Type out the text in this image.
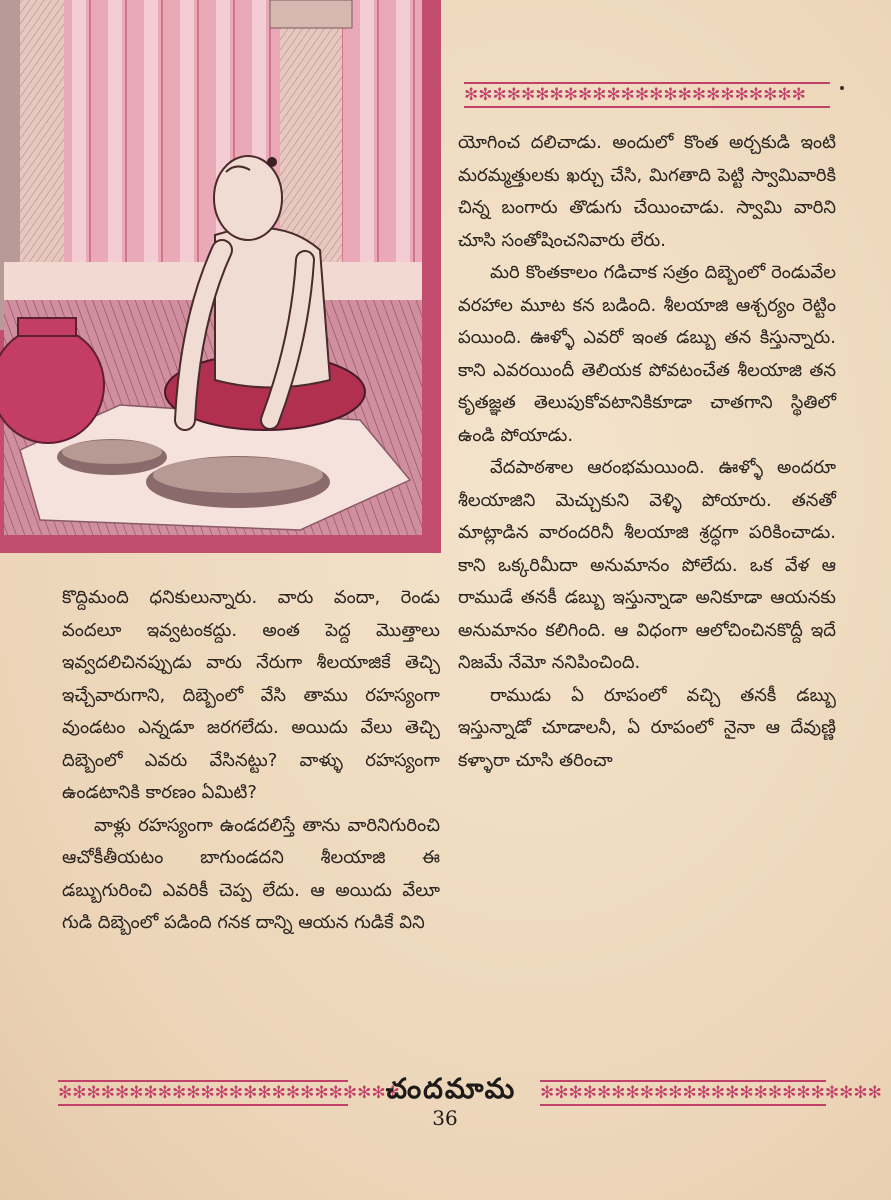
✻✻✻✻✻✻✻✻✻✻✻✻✻✻✻✻✻✻✻✻✻✻✻✻

యోగించ దలిచాడు. అందులో కొంత అర్చకుడి ఇంటి మరమ్మత్తులకు ఖర్చు చేసి, మిగతాది పెట్టి స్వామివారికి చిన్న బంగారు తొడుగు చేయించాడు. స్వామి వారిని చూసి సంతోషించనివారు లేరు.

మరి కొంతకాలం గడిచాక సత్రం దిబ్బెంలో రెండువేల వరహాల మూట కన బడింది. శీలయాజి ఆశ్చర్యం రెట్టిం పయింది. ఊళ్ళో ఎవరో ఇంత డబ్బు తన కిస్తున్నారు. కాని ఎవరయిందీ తెలియక పోవటంచేత శీలయాజి తన కృతజ్ఞత తెలుపుకోవటానికికూడా చాతగాని స్థితిలో ఉండి పోయాడు.

వేదపాఠశాల ఆరంభమయింది. ఊళ్ళో అందరూ శీలయాజిని మెచ్చుకుని వెళ్ళి పోయారు. తనతో మాట్లాడిన వారందరినీ శీలయాజి శ్రద్ధగా పరికించాడు. కాని ఒక్కరిమీదా అనుమానం పోలేదు. ఒక వేళ ఆ రాముడే తనకీ డబ్బు ఇస్తున్నాడా అనికూడా ఆయనకు అనుమానం కలిగింది. ఆ విధంగా ఆలోచించినకొద్దీ ఇదే నిజమే నేమో ననిపించింది.

రాముడు ఏ రూపంలో వచ్చి తనకీ డబ్బు ఇస్తున్నాడో చూడాలనీ, ఏ రూపంలో నైనా ఆ దేవుణ్ణి కళ్ళారా చూసి తరించా

కొద్దిమంది ధనికులున్నారు. వారు వందా, రెండు వందలూ ఇవ్వటంకద్దు. అంత పెద్ద మొత్తాలు ఇవ్వదలిచినప్పుడు వారు నేరుగా శీలయాజికే తెచ్చి ఇచ్చేవారుగాని, దిబ్బెంలో వేసి తాము రహస్యంగా వుండటం ఎన్నడూ జరగలేదు. అయిదు వేలు తెచ్చి దిబ్బెంలో ఎవరు వేసినట్టు? వాళ్ళు రహస్యంగా ఉండటానికి కారణం ఏమిటి?

వాళ్లు రహస్యంగా ఉండదలిస్తే తాను వారినిగురించి ఆచోకీతీయటం బాగుండదని శీలయాజి ఈ డబ్బుగురించి ఎవరికీ చెప్ప లేదు. ఆ అయిదు వేలూ గుడి దిబ్బెంలో పడింది గనక దాన్ని ఆయన గుడికే విని

✻✻✻✻✻✻✻✻✻✻✻✻✻✻✻✻✻✻✻✻✻✻✻✻
చందమామ	✻✻✻✻✻✻✻✻✻✻✻✻✻✻✻✻✻✻✻✻✻✻✻✻
36
